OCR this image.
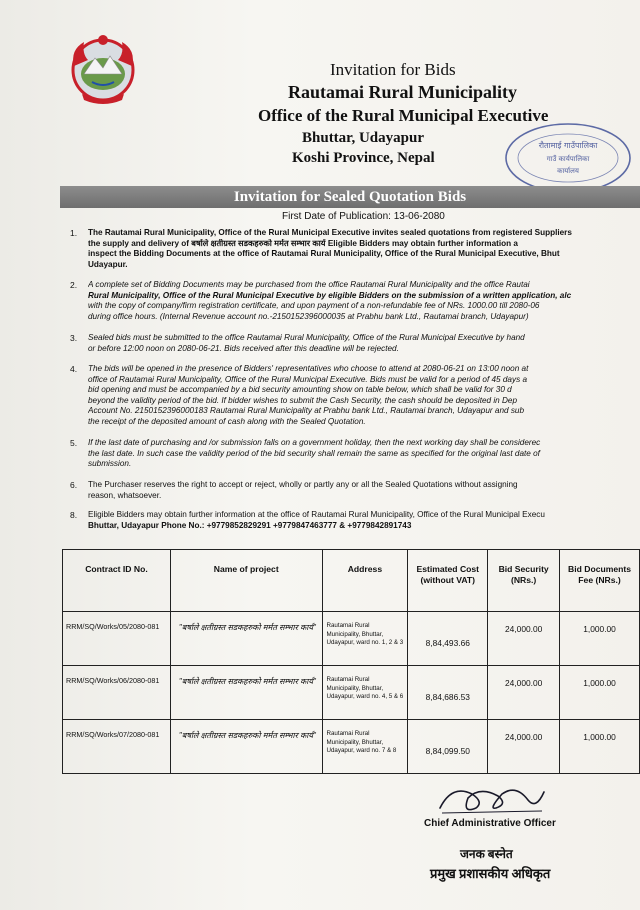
Invitation for Bids
Rautamai Rural Municipality
Office of the Rural Municipal Executive
Bhuttar, Udayapur
Koshi Province, Nepal
रौतामाई गाउँपालिका
गाउँ कार्यपालिका
कार्यालय
Invitation for Sealed Quotation Bids
First Date of Publication: 13-06-2080
1. The Rautamai Rural Municipality, Office of the Rural Municipal Executive invites sealed quotations from registered Suppliers
the supply and delivery of बर्षाले क्षतीग्रस्त सडकहरुको मर्मत सम्भार कार्य Eligible Bidders may obtain further information a
inspect the Bidding Documents at the office of Rautamai Rural Municipality, Office of the Rural Municipal Executive, Bhut
Udayapur.
2. A complete set of Bidding Documents may be purchased from the office Rautamai Rural Municipality and the office Rautai
Rural Municipality, Office of the Rural Municipal Executive by eligible Bidders on the submission of a written application, alc
with the copy of company/firm registration certificate, and upon payment of a non-refundable fee of NRs. 1000.00 till 2080-06
during office hours. (Internal Revenue account no.-2150152396000035 at Prabhu bank Ltd., Rautamai branch, Udayapur)
3. Sealed bids must be submitted to the office Rautamai Rural Municipality, Office of the Rural Municipal Executive by hand
or before 12:00 noon on 2080-06-21. Bids received after this deadline will be rejected.
4. The bids will be opened in the presence of Bidders' representatives who choose to attend at 2080-06-21 on 13:00 noon at
office of Rautamai Rural Municipality, Office of the Rural Municipal Executive. Bids must be valid for a period of 45 days a
bid opening and must be accompanied by a bid security amounting show on table below, which shall be valid for 30 d
beyond the validity period of the bid. If bidder wishes to submit the Cash Security, the cash should be deposited in Dep
Account No. 2150152396000183 Rautamai Rural Municipality at Prabhu bank Ltd., Rautamai branch, Udayapur and sub
the receipt of the deposited amount of cash along with the Sealed Quotation.
5. If the last date of purchasing and /or submission falls on a government holiday, then the next working day shall be considerec
the last date. In such case the validity period of the bid security shall remain the same as specified for the original last date of
submission.
6. The Purchaser reserves the right to accept or reject, wholly or partly any or all the Sealed Quotations without assigning
reason, whatsoever.
8. Eligible Bidders may obtain further information at the office of Rautamai Rural Municipality, Office of the Rural Municipal Execu
Bhuttar, Udayapur Phone No.: +9779852829291 +9779847463777 & +9779842891743
Contract ID No.	Name of project	Address	Estimated Cost (without VAT)	Bid Security (NRs.)	Bid Documents Fee (NRs.)
RRM/SQ/Works/05/2080-081	"बर्षाले क्षतीग्रस्त सडकहरुको मर्मत सम्भार कार्य"	Rautamai Rural Municipality, Bhuttar, Udayapur, ward no. 1, 2 & 3	8,84,493.66	24,000.00	1,000.00
RRM/SQ/Works/06/2080-081	"बर्षाले क्षतीग्रस्त सडकहरुको मर्मत सम्भार कार्य"	Rautamai Rural Municipality, Bhuttar, Udayapur, ward no. 4, 5 & 6	8,84,686.53	24,000.00	1,000.00
RRM/SQ/Works/07/2080-081	"बर्षाले क्षतीग्रस्त सडकहरुको मर्मत सम्भार कार्य"	Rautamai Rural Municipality, Bhuttar, Udayapur, ward no. 7 & 8	8,84,099.50	24,000.00	1,000.00
Chief Administrative Officer
जनक बस्नेत
प्रमुख प्रशासकीय अधिकृत
